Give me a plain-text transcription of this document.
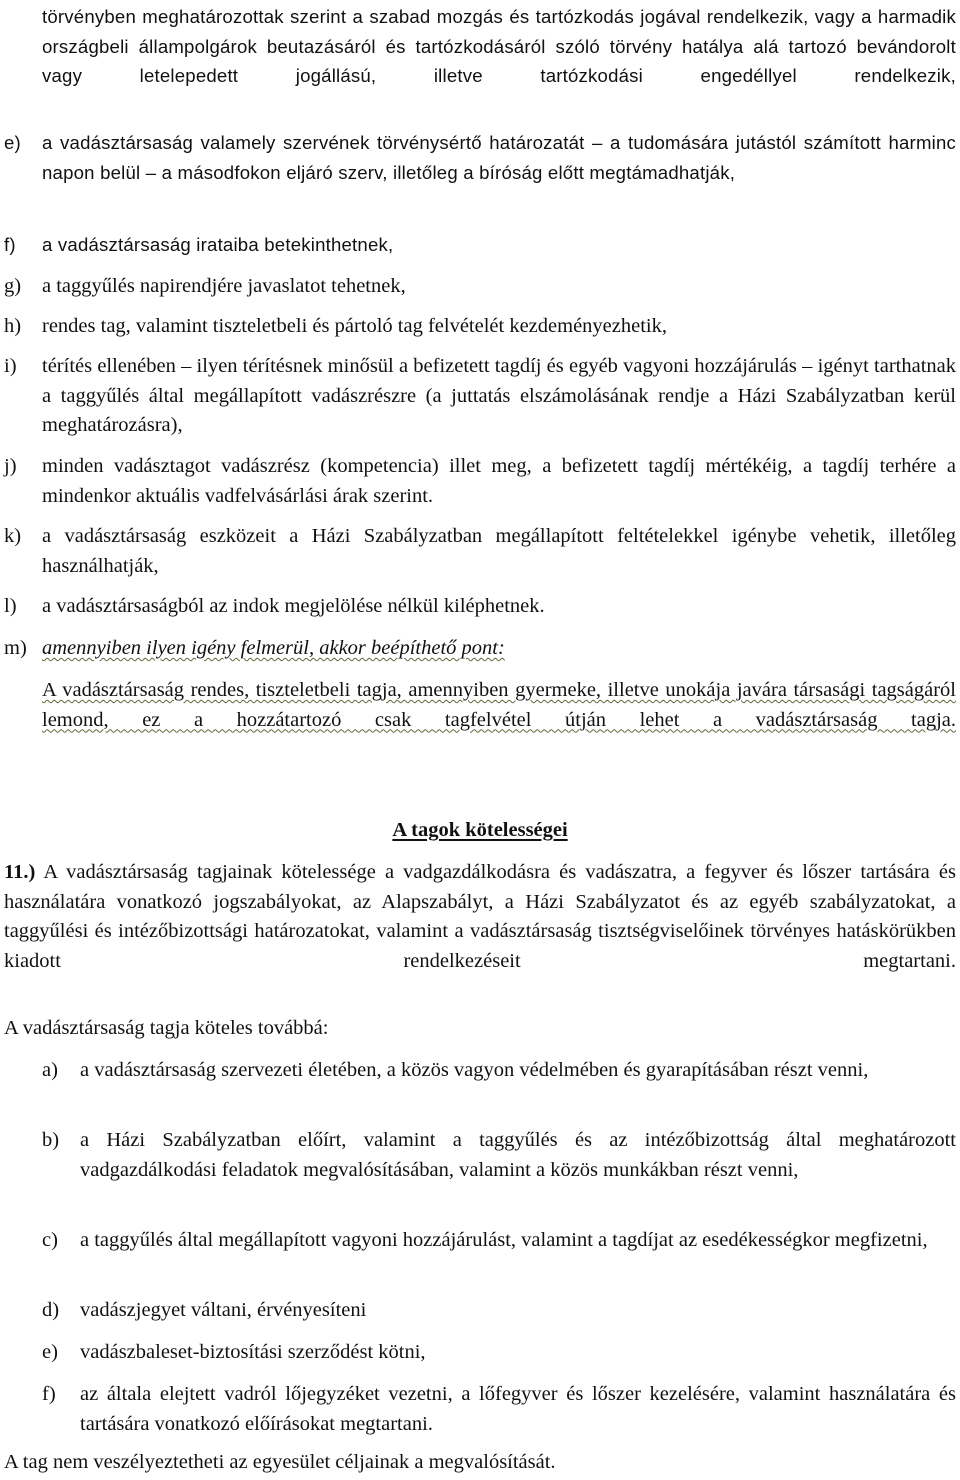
törvényben meghatározottak szerint a szabad mozgás és tartózkodás jogával rendelkezik, vagy a harmadik országbeli állampolgárok beutazásáról és tartózkodásáról szóló törvény hatálya alá tartozó bevándorolt vagy letelepedett jogállású, illetve tartózkodási engedéllyel rendelkezik,
e) a vadásztársaság valamely szervének törvénysértő határozatát – a tudomására jutástól számított harminc napon belül – a másodfokon eljáró szerv, illetőleg a bíróság előtt megtámadhatják,
f) a vadásztársaság irataiba betekinthetnek,
g) a taggyűlés napirendjére javaslatot tehetnek,
h) rendes tag, valamint tiszteletbeli és pártoló tag felvételét kezdeményezhetik,
i) térítés ellenében – ilyen térítésnek minősül a befizetett tagdíj és egyéb vagyoni hozzájárulás – igényt tarthatnak a taggyűlés által megállapított vadászrészre (a juttatás elszámolásának rendje a Házi Szabályzatban kerül meghatározásra),
j) minden vadásztagot vadászrész (kompetencia) illet meg, a befizetett tagdíj mértékéig, a tagdíj terhére a mindenkor aktuális vadfelvásárlási árak szerint.
k) a vadásztársaság eszközeit a Házi Szabályzatban megállapított feltételekkel igénybe vehetik, illetőleg használhatják,
l) a vadásztársaságból az indok megjelölése nélkül kiléphetnek.
m) amennyiben ilyen igény felmerül, akkor beépíthető pont:
A vadásztársaság rendes, tiszteletbeli tagja, amennyiben gyermeke, illetve unokája javára társasági tagságáról lemond, ez a hozzátartozó csak tagfelvétel útján lehet a vadásztársaság tagja.
A tagok kötelességei
11.) A vadásztársaság tagjainak kötelessége a vadgazdálkodásra és vadászatra, a fegyver és lőszer tartására és használatára vonatkozó jogszabályokat, az Alapszabályt, a Házi Szabályzatot és az egyéb szabályzatokat, a taggyűlési és intézőbizottsági határozatokat, valamint a vadásztársaság tisztségviselőinek törvényes hatáskörükben kiadott rendelkezéseit megtartani.
A vadásztársaság tagja köteles továbbá:
a) a vadásztársaság szervezeti életében, a közös vagyon védelmében és gyarapításában részt venni,
b) a Házi Szabályzatban előírt, valamint a taggyűlés és az intézőbizottság által meghatározott vadgazdálkodási feladatok megvalósításában, valamint a közös munkákban részt venni,
c) a taggyűlés által megállapított vagyoni hozzájárulást, valamint a tagdíjat az esedékességkor megfizetni,
d) vadászjegyet váltani, érvényesíteni
e) vadászbaleset-biztosítási szerződést kötni,
f) az általa elejtett vadról lőjegyzéket vezetni, a lőfegyver és lőszer kezelésére, valamint használatára és tartására vonatkozó előírásokat megtartani.
A tag nem veszélyeztetheti az egyesület céljainak a megvalósítását.
